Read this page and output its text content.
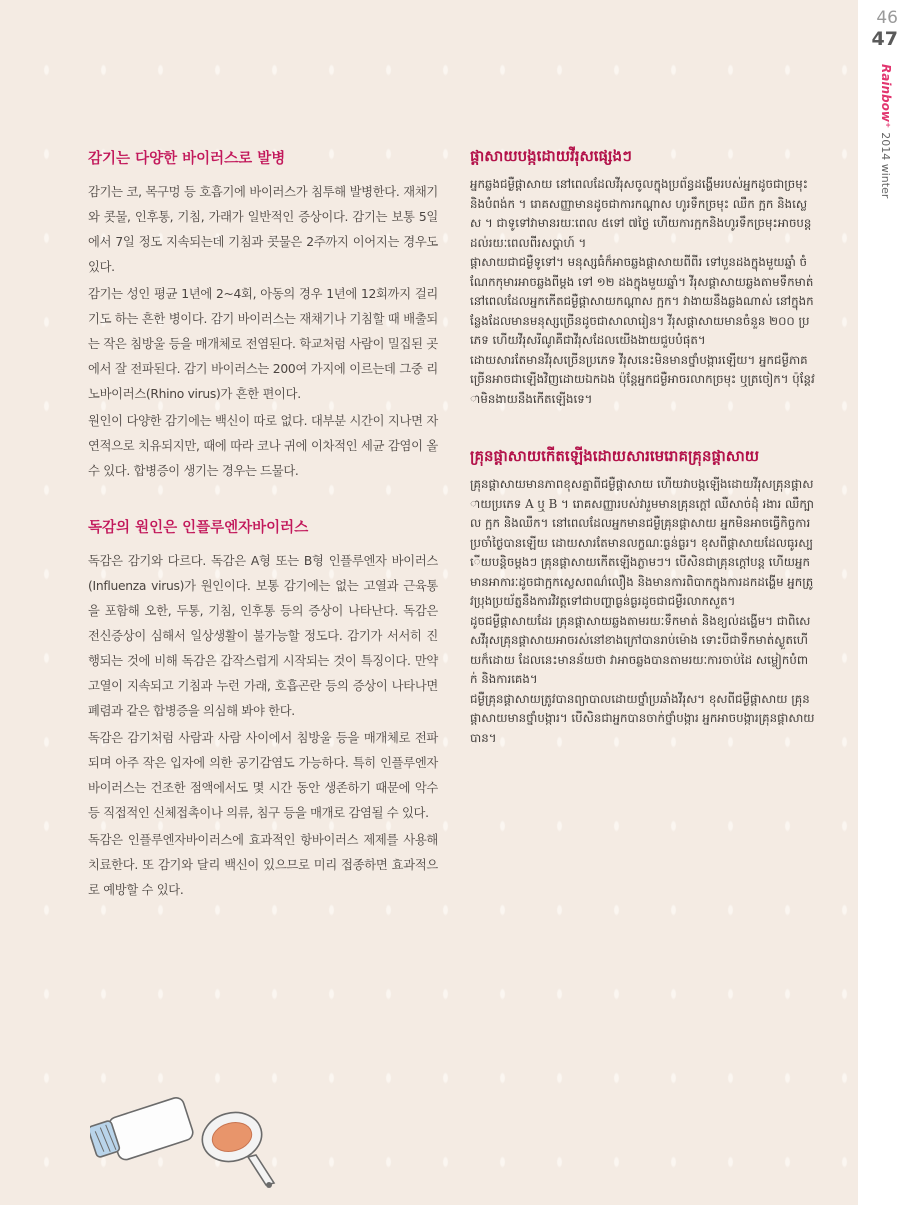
감기는 다양한 바이러스로 발병

감기는 코, 목구멍 등 호흡기에 바이러스가 침투해 발병한다. 재채기와 콧물, 인후통, 기침, 가래가 일반적인 증상이다. 감기는 보통 5일에서 7일 정도 지속되는데 기침과 콧물은 2주까지 이어지는 경우도 있다.

감기는 성인 평균 1년에 2~4회, 아동의 경우 1년에 12회까지 걸리기도 하는 흔한 병이다. 감기 바이러스는 재채기나 기침할 때 배출되는 작은 침방울 등을 매개체로 전염된다. 학교처럼 사람이 밀집된 곳에서 잘 전파된다. 감기 바이러스는 200여 가지에 이르는데 그중 리노바이러스(Rhino virus)가 흔한 편이다.

원인이 다양한 감기에는 백신이 따로 없다. 대부분 시간이 지나면 자연적으로 치유되지만, 때에 따라 코나 귀에 이차적인 세균 감염이 올 수 있다. 합병증이 생기는 경우는 드물다.

독감의 원인은 인플루엔자바이러스

독감은 감기와 다르다. 독감은 A형 또는 B형 인플루엔자 바이러스(Influenza virus)가 원인이다. 보통 감기에는 없는 고열과 근육통을 포함해 오한, 두통, 기침, 인후통 등의 증상이 나타난다. 독감은 전신증상이 심해서 일상생활이 불가능할 정도다. 감기가 서서히 진행되는 것에 비해 독감은 갑작스럽게 시작되는 것이 특징이다. 만약 고열이 지속되고 기침과 누런 가래, 호흡곤란 등의 증상이 나타나면 폐렴과 같은 합병증을 의심해 봐야 한다.

독감은 감기처럼 사람과 사람 사이에서 침방울 등을 매개체로 전파되며 아주 작은 입자에 의한 공기감염도 가능하다. 특히 인플루엔자바이러스는 건조한 점액에서도 몇 시간 동안 생존하기 때문에 악수 등 직접적인 신체접촉이나 의류, 침구 등을 매개로 감염될 수 있다.

독감은 인플루엔자바이러스에 효과적인 항바이러스 제제를 사용해 치료한다. 또 감기와 달리 백신이 있으므로 미리 접종하면 효과적으로 예방할 수 있다.

ផ្តាសាយបង្កដោយវីរុសផ្សេងៗ

អ្នកឆ្លងជម្ងឺផ្តាសាយ នៅពេលដែលវីរុសចូលក្នុងប្រព័ន្ធដង្ហើមរបស់អ្នកដូចជាច្រមុះ និងបំពង់ក ។ រោគសញ្ញាមានដូចជាការកណ្តាស ហូរទឹកច្រមុះ ឈឺក ក្អក និងស្លេស ។ ជាទូទៅវាមានរយៈពេល ៥ទៅ ៧ថ្ងៃ ហើយការក្អកនិងហូរទឹកច្រមុះអាចបន្តដល់រយៈពេលពីរសប្តាហ៍ ។

ផ្តាសាយជាជម្ងឺទូទៅ។ មនុស្សធំក៏អាចឆ្លងផ្តាសាយពីពីរ ទៅបួនដងក្នុងមួយឆ្នាំ ចំណែកកុមារអាចឆ្លងពីម្តង ទៅ ១២ ដងក្នុងមួយឆ្នាំ។ វីរុសផ្តាសាយឆ្លងតាមទឹកមាត់ នៅពេលដែលអ្នកកើតជម្ងឺផ្តាសាយកណ្តាស ក្អក។ វាងាយនឹងឆ្លងណាស់ នៅក្នុងកន្លែងដែលមានមនុស្សច្រើនដូចជាសាលារៀន។ វីរុសផ្តាសាយមានចំនួន ២០០ ប្រភេទ ហើយវីរុសរីណូគឺជាវីរុសដែលយើងងាយជួបបំផុត។

ដោយសារតែមានវីរុសច្រើនប្រភេទ វីរុសនេះមិនមានថ្នាំបង្ការឡើយ។ អ្នកជម្ងឺភាគច្រើនអាចជាឡើងវិញដោយឯកឯង ប៉ុន្តែអ្នកជម្ងឺអាចរលាកច្រមុះ ឬត្រចៀក។ ប៉ុន្តែវាមិនងាយនឹងកើតឡើងទេ។

គ្រុនផ្តាសាយកើតឡើងដោយសារមេរោគគ្រុនផ្តាសាយ

គ្រុនផ្តាសាយមានភាពខុសគ្នាពីជម្ងឺផ្តាសាយ ហើយវាបង្កឡើងដោយវីរុសគ្រុនផ្តាសាយប្រភេទ A ឬ B ។ រោគសញ្ញារបស់វារួមមានគ្រុនក្តៅ ឈឺសាច់ដុំ រងារ ឈឺក្បាល ក្អក និងឈឺក។ នៅពេលដែលអ្នកមានជម្ងឺគ្រុនផ្តាសាយ អ្នកមិនអាចធ្វើកិច្ចការប្រចាំថ្ងៃបានឡើយ ដោយសារតែមានលក្ខណៈធ្ងន់ធ្ងរ។ ខុសពីផ្តាសាយដែលធូរស្បើយបន្តិចម្តងៗ គ្រុនផ្តាសាយកើតឡើងភ្លាមៗ។ បើសិនជាគ្រុនក្តៅបន្ត ហើយអ្នកមានអាការៈដូចជាក្អកស្លេសពណ៌លឿង និងមានការពិបាកក្នុងការដកដង្ហើម អ្នកត្រូវប្រុងប្រយ័ត្ននឹងការវិវត្តទៅជាបញ្ហាធ្ងន់ធ្ងរដូចជាជម្ងឺរលាកសួត។

ដូចជម្ងឺផ្តាសាយដែរ គ្រុនផ្តាសាយឆ្លងតាមរយៈទឹកមាត់ និងខ្យល់ដង្ហើម។ ជាពិសេសវីរុសគ្រុនផ្តាសាយអាចរស់នៅខាងក្រៅបានរាប់ម៉ោង ទោះបីជាទឹកមាត់ស្ងួតហើយក៏ដោយ ដែលនេះមានន័យថា វាអាចឆ្លងបានតាមរយៈការចាប់ដៃ សម្លៀកបំពាក់ និងការគេង។

ជម្ងឺគ្រុនផ្តាសាយត្រូវបានព្យាបាលដោយថ្នាំប្រឆាំងវីរុស។ ខុសពីជម្ងឺផ្តាសាយ គ្រុនផ្តាសាយមានថ្នាំបង្ការ។ បើសិនជាអ្នកបានចាក់ថ្នាំបង្ការ អ្នកអាចបង្ការគ្រុនផ្តាសាយបាន។

46
47
Rainbow⁺2014 winter
